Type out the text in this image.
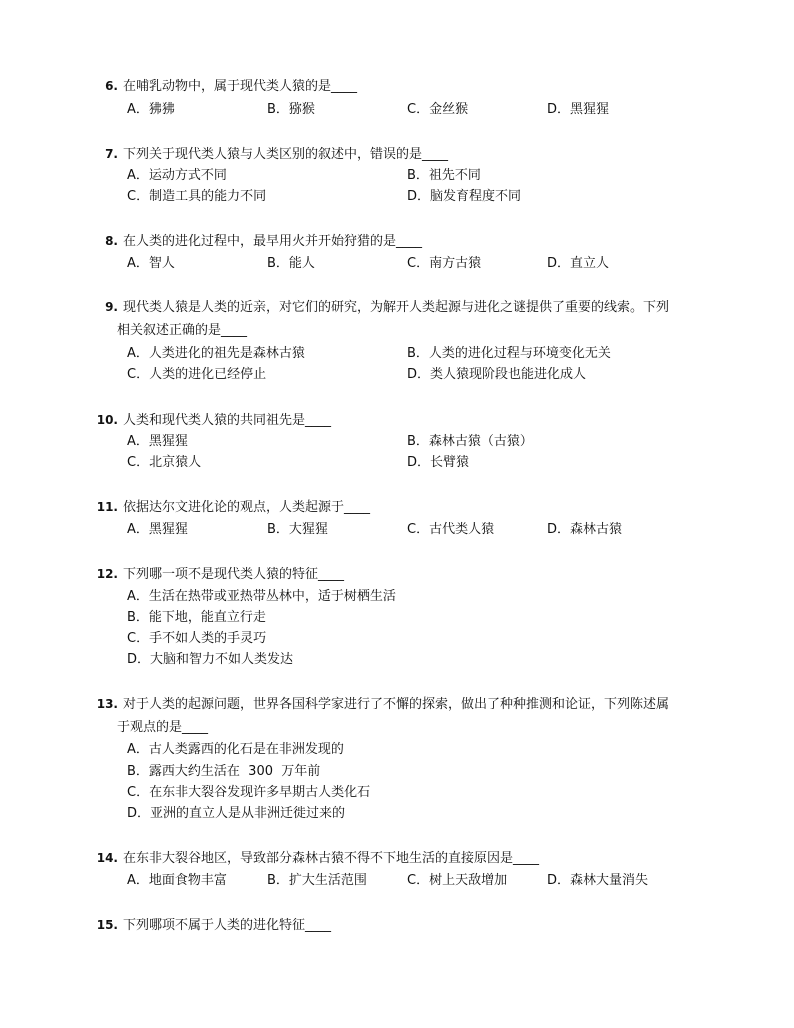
6. 在哺乳动物中，属于现代类人猿的是____
A．狒狒	B．猕猴	C．金丝猴	D．黑猩猩
7. 下列关于现代类人猿与人类区别的叙述中，错误的是____
A．运动方式不同	B．祖先不同
C．制造工具的能力不同	D．脑发育程度不同
8. 在人类的进化过程中，最早用火并开始狩猎的是____
A．智人	B．能人	C．南方古猿	D．直立人
9. 现代类人猿是人类的近亲，对它们的研究，为解开人类起源与进化之谜提供了重要的线索。下列
相关叙述正确的是____
A．人类进化的祖先是森林古猿	B．人类的进化过程与环境变化无关
C．人类的进化已经停止	D．类人猿现阶段也能进化成人
10. 人类和现代类人猿的共同祖先是____
A．黑猩猩	B．森林古猿（古猿）
C．北京猿人	D．长臂猿
11. 依据达尔文进化论的观点，人类起源于____
A．黑猩猩	B．大猩猩	C．古代类人猿	D．森林古猿
12. 下列哪一项不是现代类人猿的特征____
A．生活在热带或亚热带丛林中，适于树栖生活
B．能下地，能直立行走
C．手不如人类的手灵巧
D．大脑和智力不如人类发达
13. 对于人类的起源问题，世界各国科学家进行了不懈的探索，做出了种种推测和论证，下列陈述属
于观点的是____
A．古人类露西的化石是在非洲发现的
B．露西大约生活在  300  万年前
C．在东非大裂谷发现许多早期古人类化石
D．亚洲的直立人是从非洲迁徙过来的
14. 在东非大裂谷地区，导致部分森林古猿不得不下地生活的直接原因是____
A．地面食物丰富	B．扩大生活范围	C．树上天敌增加	D．森林大量消失
15. 下列哪项不属于人类的进化特征____
